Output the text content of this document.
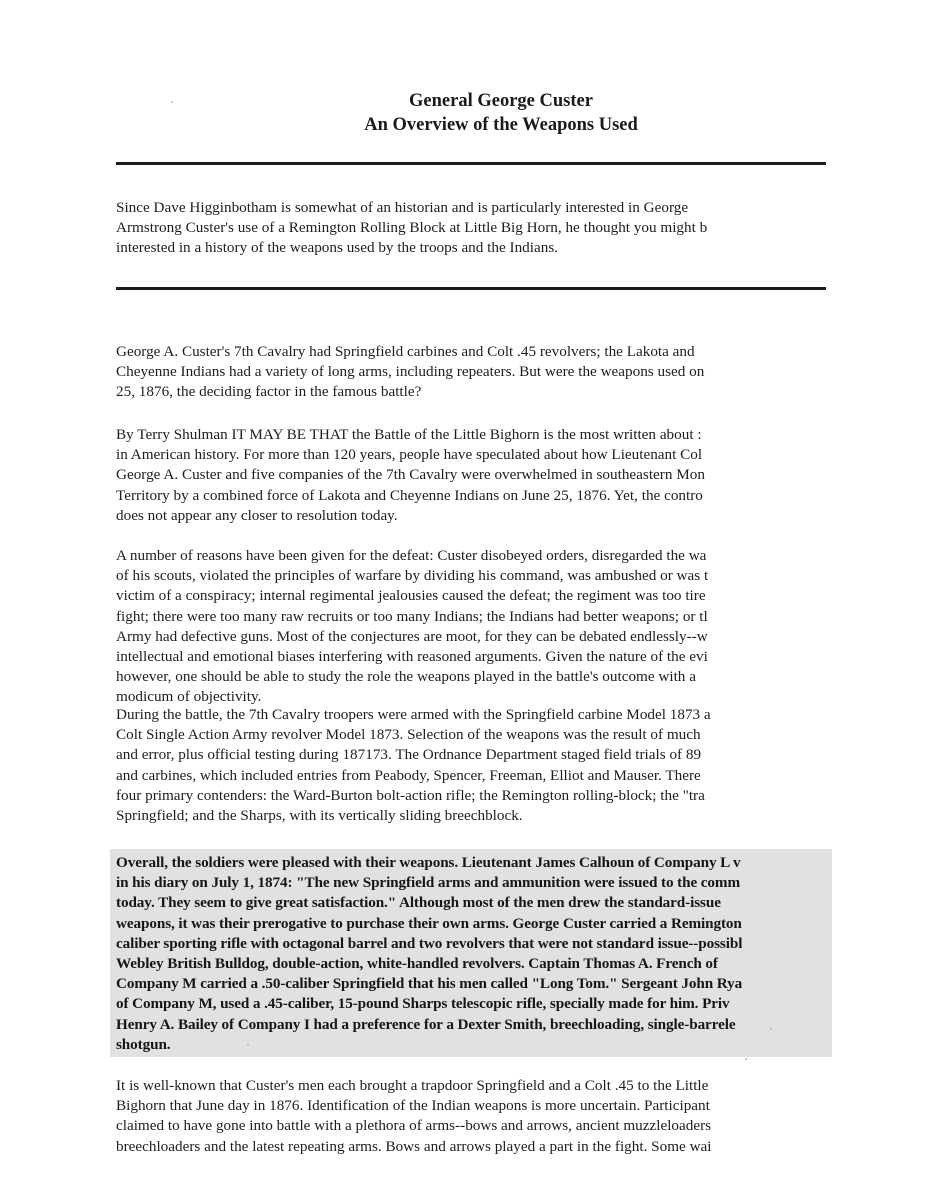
General George Custer
An Overview of the Weapons Used
Since Dave Higginbotham is somewhat of an historian and is particularly interested in George
Armstrong Custer's use of a Remington Rolling Block at Little Big Horn, he thought you might b
interested in a history of the weapons used by the troops and the Indians.
George A. Custer's 7th Cavalry had Springfield carbines and Colt .45 revolvers; the Lakota and
Cheyenne Indians had a variety of long arms, including repeaters. But were the weapons used on
25, 1876, the deciding factor in the famous battle?
By Terry Shulman IT MAY BE THAT the Battle of the Little Bighorn is the most written about :
in American history. For more than 120 years, people have speculated about how Lieutenant Col
George A. Custer and five companies of the 7th Cavalry were overwhelmed in southeastern Mon
Territory by a combined force of Lakota and Cheyenne Indians on June 25, 1876. Yet, the contro
does not appear any closer to resolution today.
A number of reasons have been given for the defeat: Custer disobeyed orders, disregarded the wa
of his scouts, violated the principles of warfare by dividing his command, was ambushed or was t
victim of a conspiracy; internal regimental jealousies caused the defeat; the regiment was too tire
fight; there were too many raw recruits or too many Indians; the Indians had better weapons; or tl
Army had defective guns. Most of the conjectures are moot, for they can be debated endlessly--w
intellectual and emotional biases interfering with reasoned arguments. Given the nature of the evi
however, one should be able to study the role the weapons played in the battle's outcome with a
modicum of objectivity.
During the battle, the 7th Cavalry troopers were armed with the Springfield carbine Model 1873 a
Colt Single Action Army revolver Model 1873. Selection of the weapons was the result of much
and error, plus official testing during 187173. The Ordnance Department staged field trials of 89
and carbines, which included entries from Peabody, Spencer, Freeman, Elliot and Mauser. There
four primary contenders: the Ward-Burton bolt-action rifle; the Remington rolling-block; the "tra
Springfield; and the Sharps, with its vertically sliding breechblock.
Overall, the soldiers were pleased with their weapons. Lieutenant James Calhoun of Company L v
in his diary on July 1, 1874: "The new Springfield arms and ammunition were issued to the comm
today. They seem to give great satisfaction." Although most of the men drew the standard-issue
weapons, it was their prerogative to purchase their own arms. George Custer carried a Remington
caliber sporting rifle with octagonal barrel and two revolvers that were not standard issue--possibl
Webley British Bulldog, double-action, white-handled revolvers. Captain Thomas A. French of
Company M carried a .50-caliber Springfield that his men called "Long Tom." Sergeant John Rya
of Company M, used a .45-caliber, 15-pound Sharps telescopic rifle, specially made for him. Priv
Henry A. Bailey of Company I had a preference for a Dexter Smith, breechloading, single-barrele
shotgun.
It is well-known that Custer's men each brought a trapdoor Springfield and a Colt .45 to the Little
Bighorn that June day in 1876. Identification of the Indian weapons is more uncertain. Participant
claimed to have gone into battle with a plethora of arms--bows and arrows, ancient muzzleloaders
breechloaders and the latest repeating arms. Bows and arrows played a part in the fight. Some wai
